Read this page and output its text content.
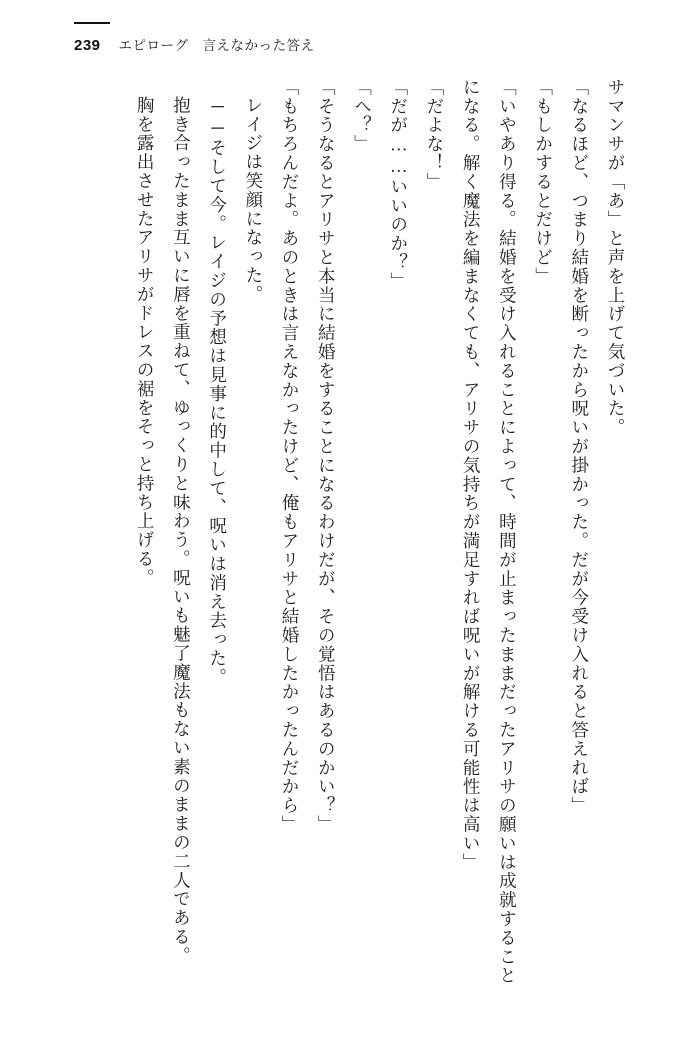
239 エピローグ　言えなかった答え

サマンサが「あ」と声を上げて気づいた。

「なるほど、つまり結婚を断ったから呪いが掛かった。だが今受け入れると答えれば」

「もしかするとだけど」

「いやあり得る。結婚を受け入れることによって、時間が止まったままだったアリサの願いは成就することになる。解く魔法を編まなくても、アリサの気持ちが満足すれば呪いが解ける可能性は高い」

「だよな！」

「だが……いいのか？」

「へ？」

「そうなるとアリサと本当に結婚をすることになるわけだが、その覚悟はあるのかい？」

「もちろんだよ。あのときは言えなかったけど、俺もアリサと結婚したかったんだから」

レイジは笑顔になった。

──そして今。レイジの予想は見事に的中して、呪いは消え去った。

抱き合ったまま互いに唇を重ねて、ゆっくりと味わう。呪いも魅了魔法もない素のままの二人である。

胸を露出させたアリサがドレスの裾をそっと持ち上げる。
